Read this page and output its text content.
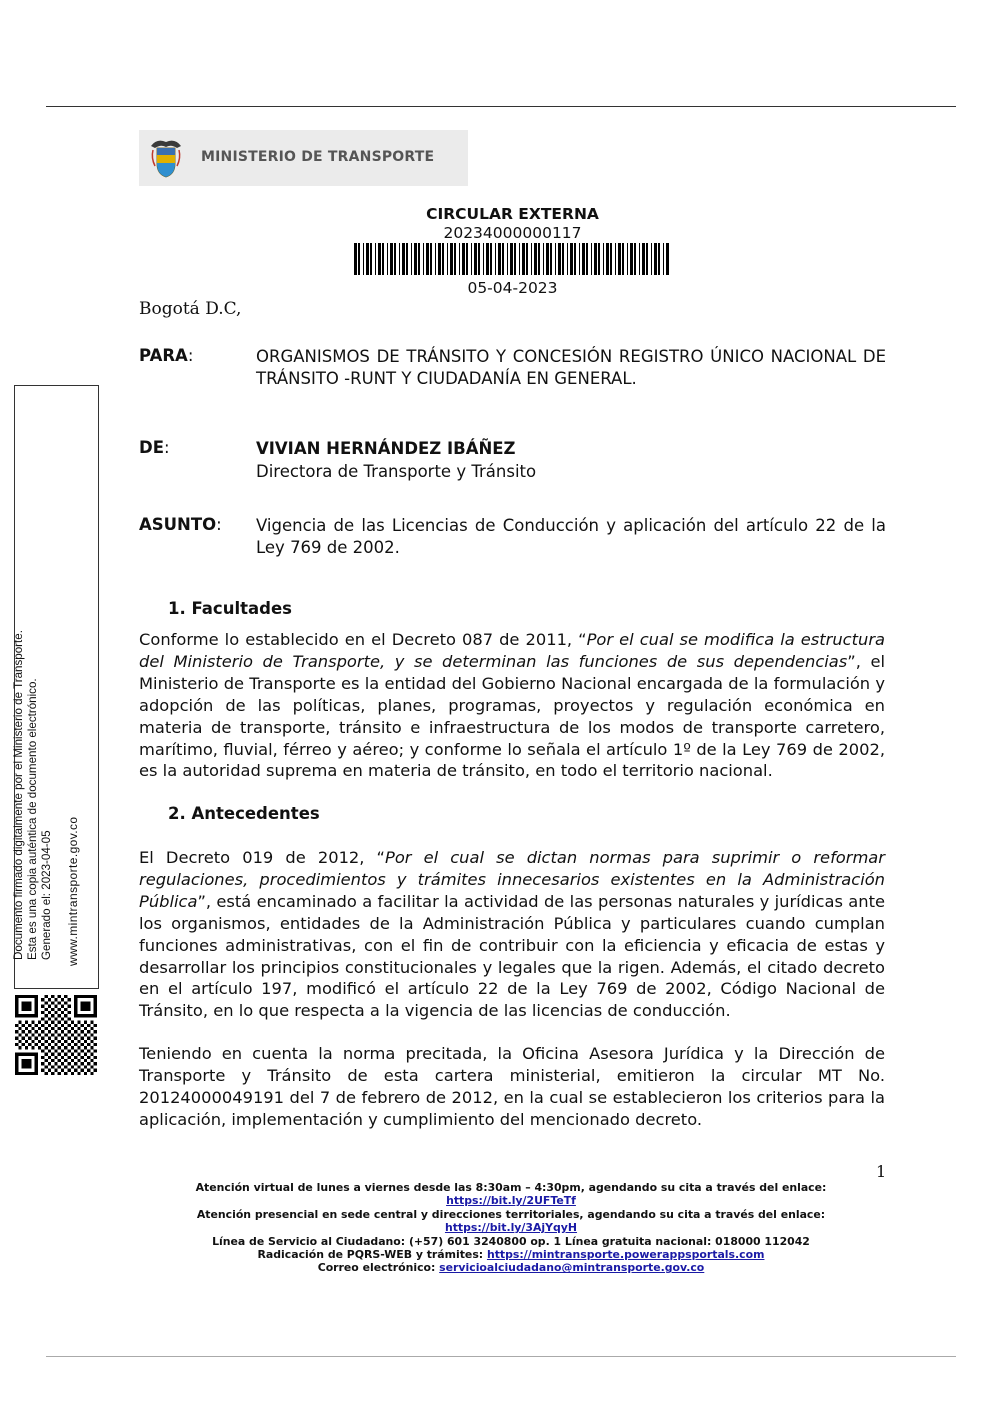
MINISTERIO DE TRANSPORTE
CIRCULAR EXTERNA
20234000000117
05-04-2023
Bogotá D.C,
PARA:	ORGANISMOS DE TRÁNSITO Y CONCESIÓN REGISTRO ÚNICO NACIONAL DE TRÁNSITO -RUNT Y CIUDADANÍA EN GENERAL.
DE:	VIVIAN HERNÁNDEZ IBÁÑEZ
Directora de Transporte y Tránsito
ASUNTO: Vigencia de las Licencias de Conducción y aplicación del artículo 22 de la Ley 769 de 2002.
1. Facultades
Conforme lo establecido en el Decreto 087 de 2011, “Por el cual se modifica la estructura del Ministerio de Transporte, y se determinan las funciones de sus dependencias”, el Ministerio de Transporte es la entidad del Gobierno Nacional encargada de la formulación y adopción de las políticas, planes, programas, proyectos y regulación económica en materia de transporte, tránsito e infraestructura de los modos de transporte carretero, marítimo, fluvial, férreo y aéreo; y conforme lo señala el artículo 1º de la Ley 769 de 2002, es la autoridad suprema en materia de tránsito, en todo el territorio nacional.
2. Antecedentes
El Decreto 019 de 2012, “Por el cual se dictan normas para suprimir o reformar regulaciones, procedimientos y trámites innecesarios existentes en la Administración Pública”, está encaminado a facilitar la actividad de las personas naturales y jurídicas ante los organismos, entidades de la Administración Pública y particulares cuando cumplan funciones administrativas, con el fin de contribuir con la eficiencia y eficacia de estas y desarrollar los principios constitucionales y legales que la rigen. Además, el citado decreto en el artículo 197, modificó el artículo 22 de la Ley 769 de 2002, Código Nacional de Tránsito, en lo que respecta a la vigencia de las licencias de conducción.
Teniendo en cuenta la norma precitada, la Oficina Asesora Jurídica y la Dirección de Transporte y Tránsito de esta cartera ministerial, emitieron la circular MT No. 20124000049191 del 7 de febrero de 2012, en la cual se establecieron los criterios para la aplicación, implementación y cumplimiento del mencionado decreto.
1
Atención virtual de lunes a viernes desde las 8:30am – 4:30pm, agendando su cita a través del enlace:
https://bit.ly/2UFTeTf
Atención presencial en sede central y direcciones territoriales, agendando su cita a través del enlace:
https://bit.ly/3AjYqyH
Línea de Servicio al Ciudadano: (+57) 601 3240800 op. 1 Línea gratuita nacional: 018000 112042
Radicación de PQRS-WEB y trámites: https://mintransporte.powerappsportals.com
Correo electrónico: servicioalciudadano@mintransporte.gov.co
Documento firmado digitalmente por el Ministerio de Transporte. Esta es una copia auténtica de documento electrónico. Generado el: 2023-04-05 www.mintransporte.gov.co
